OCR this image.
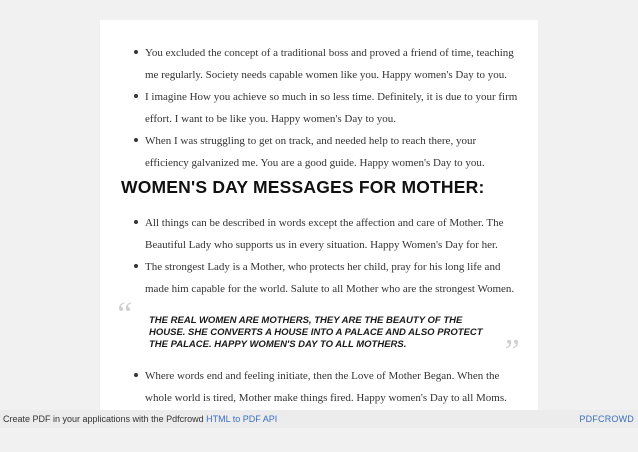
You excluded the concept of a traditional boss and proved a friend of time, teaching me regularly. Society needs capable women like you. Happy women's Day to you.
I imagine How you achieve so much in so less time. Definitely, it is due to your firm effort. I want to be like you. Happy women's Day to you.
When I was struggling to get on track, and needed help to reach there, your efficiency galvanized me. You are a good guide. Happy women's Day to you.
WOMEN'S DAY MESSAGES FOR MOTHER:
All things can be described in words except the affection and care of Mother. The Beautiful Lady who supports us in every situation. Happy Women's Day for her.
The strongest Lady is a Mother, who protects her child, pray for his long life and made him capable for the world. Salute to all Mother who are the strongest Women.
“ THE REAL WOMEN ARE MOTHERS, THEY ARE THE BEAUTY OF THE HOUSE. SHE CONVERTS A HOUSE INTO A PALACE AND ALSO PROTECT THE PALACE. HAPPY WOMEN'S DAY TO ALL MOTHERS.	”
Where words end and feeling initiate, then the Love of Mother Began. When the whole world is tired, Mother make things fired. Happy women's Day to all Moms.
Create PDF in your applications with the Pdfcrowd HTML to PDF API	PDFCROWD
